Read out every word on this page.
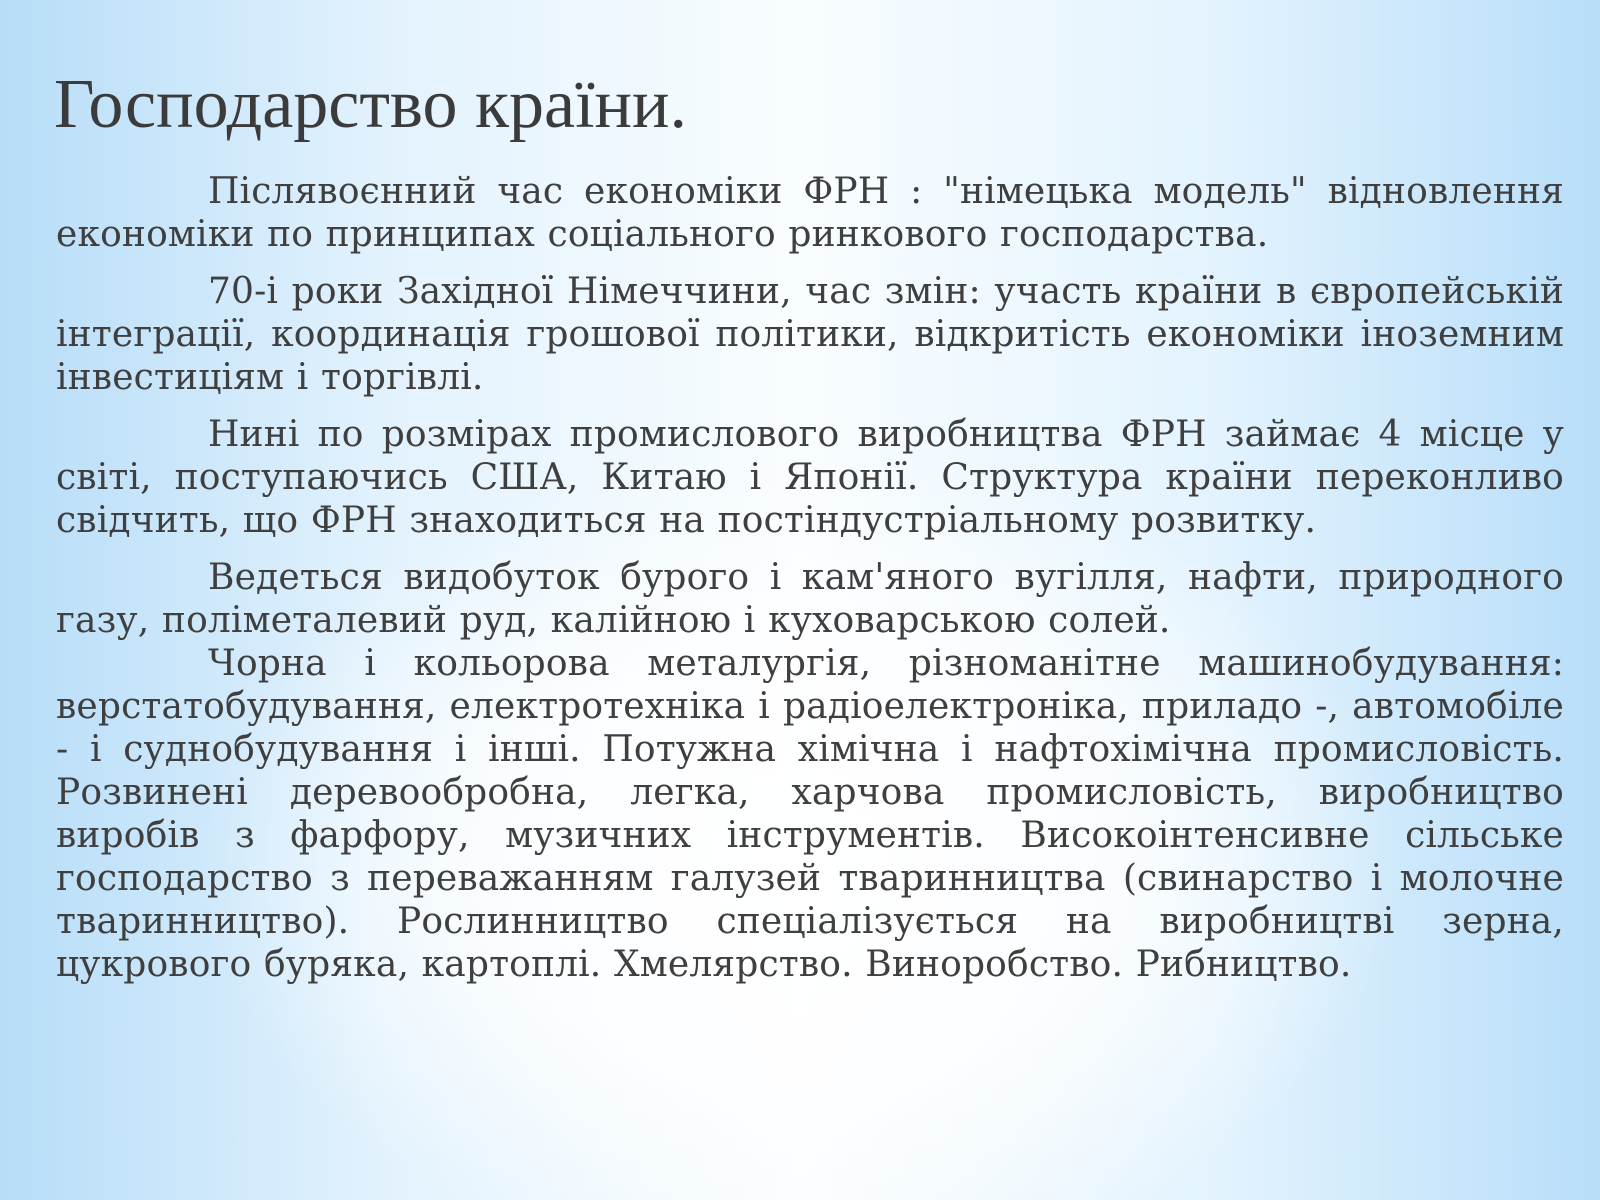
Господарство країни.

Післявоєнний час економіки ФРН : "німецька модель" відновлення економіки по принципах соціального ринкового господарства.

70-і роки Західної Німеччини, час змін: участь країни в європейській інтеграції, координація грошової політики, відкритість економіки іноземним інвестиціям і торгівлі.

Нині по розмірах промислового виробництва ФРН займає 4 місце у світі, поступаючись США, Китаю і Японії. Структура країни переконливо свідчить, що ФРН знаходиться на постіндустріальному розвитку.

Ведеться видобуток бурого і кам'яного вугілля, нафти, природного газу, поліметалевий руд, калійною і куховарською солей.

Чорна і кольорова металургія, різноманітне машинобудування: верстатобудування, електротехніка і радіоелектроніка, приладо -, автомобіле - і суднобудування і інші. Потужна хімічна і нафтохімічна промисловість. Розвинені деревообробна, легка, харчова промисловість, виробництво виробів з фарфору, музичних інструментів. Високоінтенсивне сільське господарство з переважанням галузей тваринництва (свинарство і молочне тваринництво). Рослинництво спеціалізується на виробництві зерна, цукрового буряка, картоплі. Хмелярство. Виноробство. Рибництво.
